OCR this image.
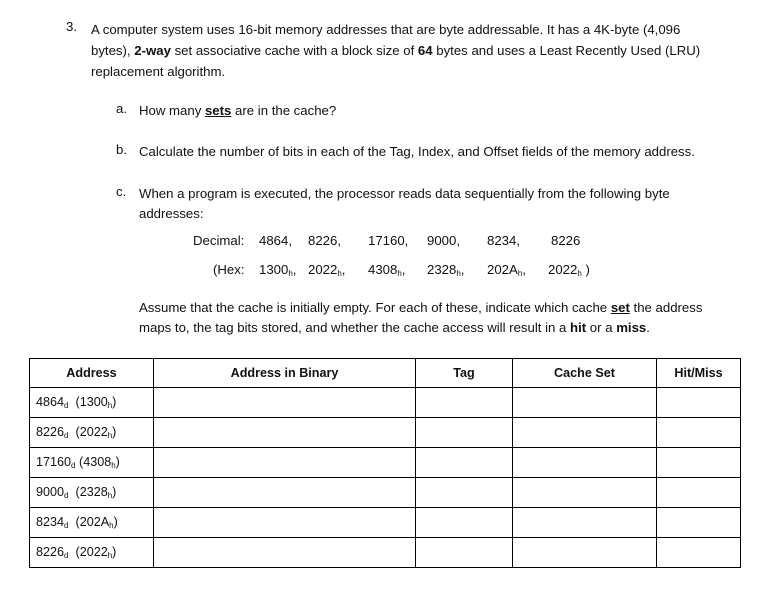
3. A computer system uses 16-bit memory addresses that are byte addressable. It has a 4K-byte (4,096
bytes), 2-way set associative cache with a block size of 64 bytes and uses a Least Recently Used (LRU)
replacement algorithm.
a. How many sets are in the cache?
b. Calculate the number of bits in each of the Tag, Index, and Offset fields of the memory address.
c. When a program is executed, the processor reads data sequentially from the following byte
addresses:
Decimal: 4864, 8226, 17160, 9000, 8234, 8226
(Hex: $1300_h$, $2022_h$, $4308_h$, $2328_h$, $202A_h$, $2022_h$ )
Assume that the cache is initially empty. For each of these, indicate which cache set the address
maps to, the tag bits stored, and whether the cache access will result in a hit or a miss.
Address	Address in Binary	Tag	Cache Set	Hit/Miss
$4864_d$  $(1300_h)$				
$8226_d$  $(2022_h)$				
$17160_d$ $(4308_h)$				
$9000_d$  $(2328_h)$				
$8234_d$  $(202A_h)$				
$8226_d$  $(2022_h)$				
